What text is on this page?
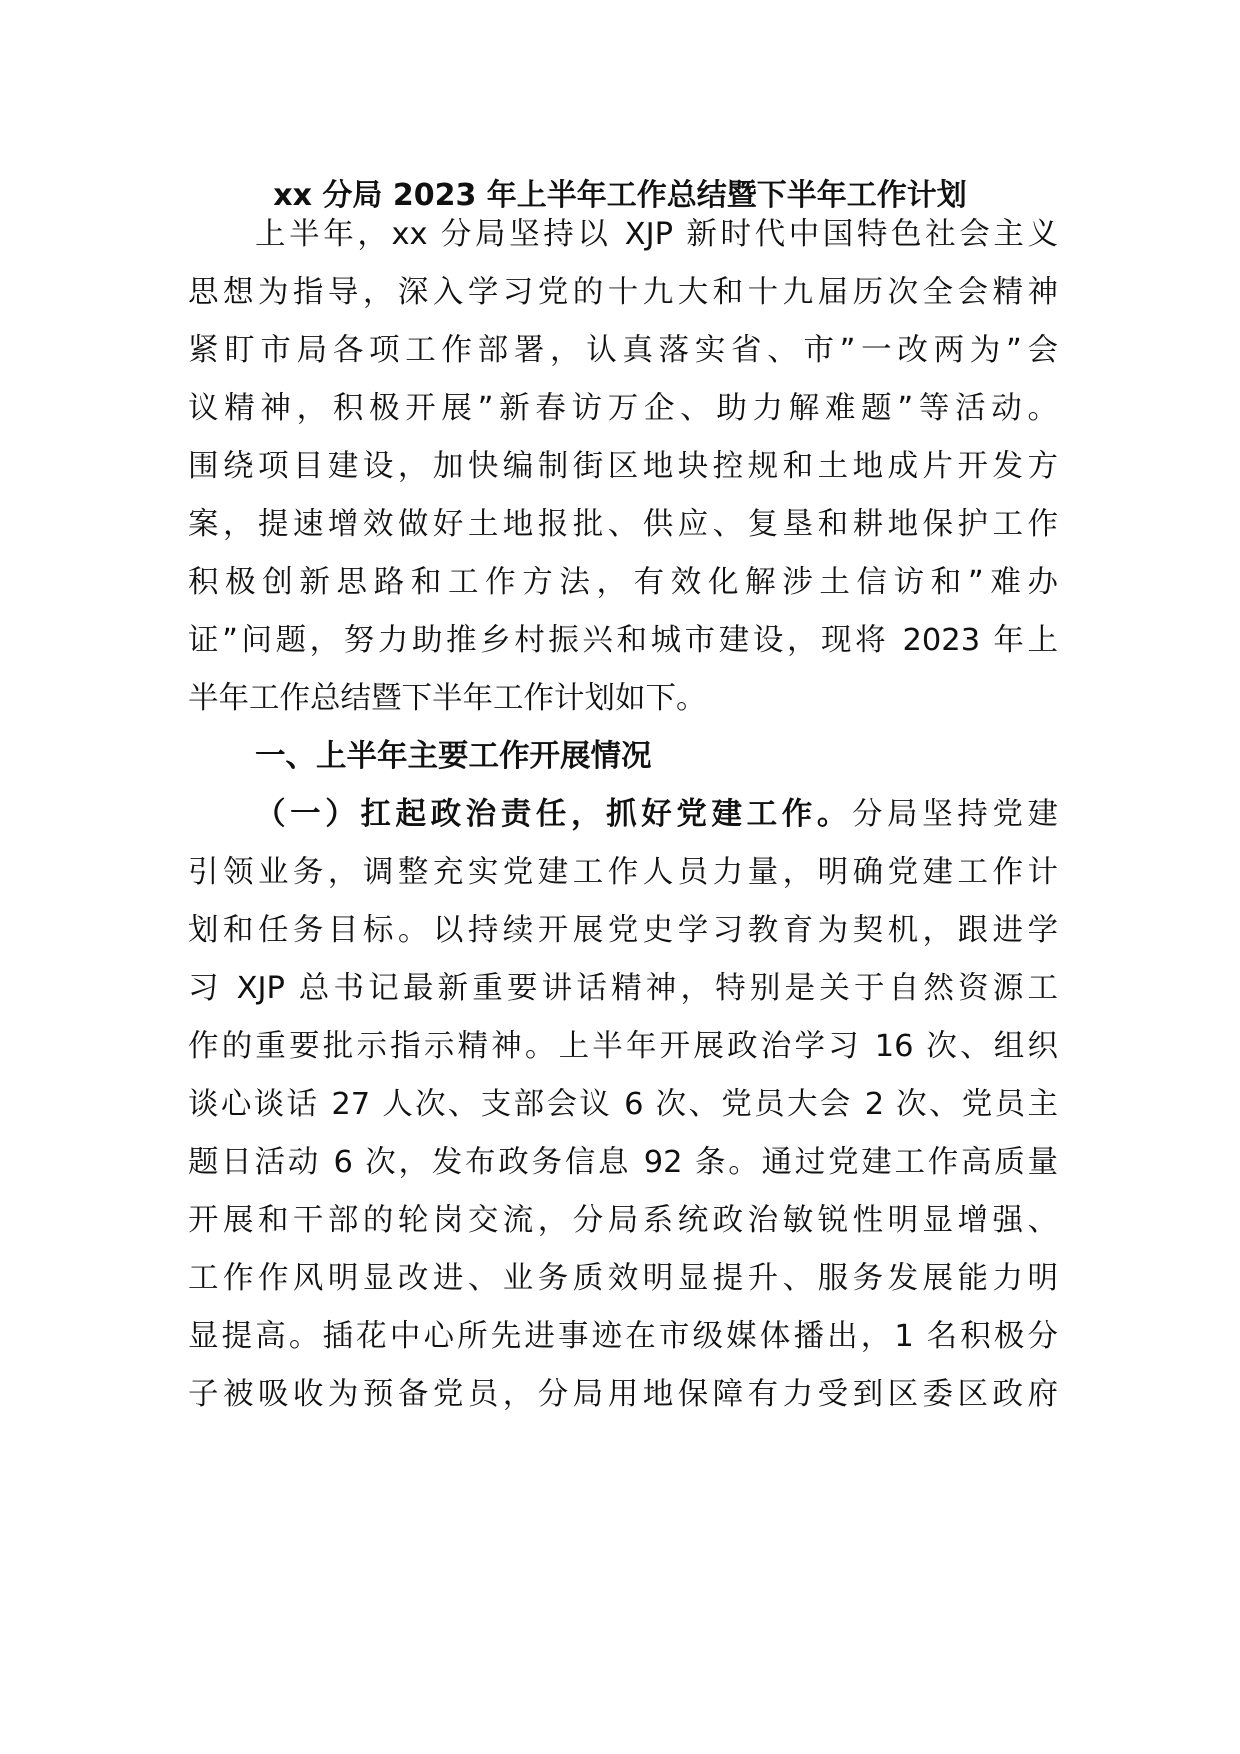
xx 分局 2023 年上半年工作总结暨下半年工作计划

上半年，xx 分局坚持以 XJP 新时代中国特色社会主义

思想为指导，深入学习党的十九大和十九届历次全会精神

紧盯市局各项工作部署，认真落实省、市”一改两为”会

议精神，积极开展”新春访万企、助力解难题”等活动。

围绕项目建设，加快编制街区地块控规和土地成片开发方

案，提速增效做好土地报批、供应、复垦和耕地保护工作

积极创新思路和工作方法，有效化解涉土信访和”难办

证”问题，努力助推乡村振兴和城市建设，现将 2023 年上

半年工作总结暨下半年工作计划如下。

一、上半年主要工作开展情况

（一）扛起政治责任，抓好党建工作。分局坚持党建

引领业务，调整充实党建工作人员力量，明确党建工作计

划和任务目标。以持续开展党史学习教育为契机，跟进学

习 XJP 总书记最新重要讲话精神，特别是关于自然资源工

作的重要批示指示精神。上半年开展政治学习 16 次、组织

谈心谈话 27 人次、支部会议 6 次、党员大会 2 次、党员主

题日活动 6 次，发布政务信息 92 条。通过党建工作高质量

开展和干部的轮岗交流，分局系统政治敏锐性明显增强、

工作作风明显改进、业务质效明显提升、服务发展能力明

显提高。插花中心所先进事迹在市级媒体播出，1 名积极分

子被吸收为预备党员，分局用地保障有力受到区委区政府
